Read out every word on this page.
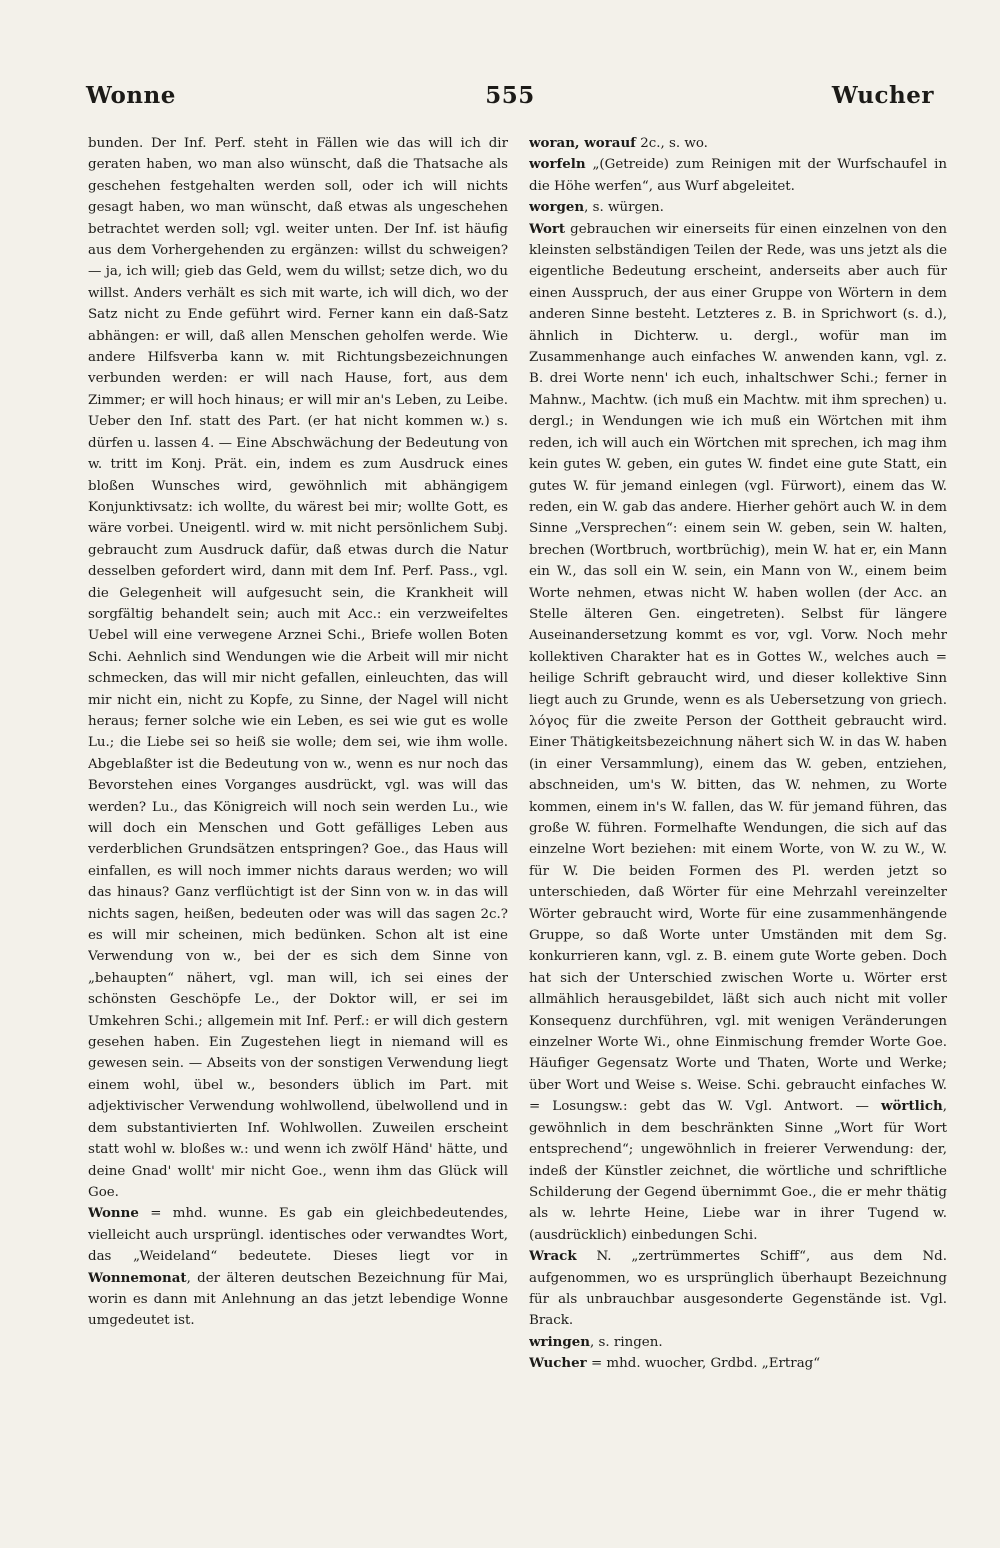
Wonne	555	Wucher

bunden. Der Inf. Perf. steht in Fällen wie das will ich dir geraten haben, wo man also wünscht, daß die Thatsache als geschehen festgehalten werden soll, oder ich will nichts gesagt haben, wo man wünscht, daß etwas als ungeschehen betrachtet werden soll; vgl. weiter unten. Der Inf. ist häufig aus dem Vorhergehenden zu ergänzen: willst du schweigen? — ja, ich will; gieb das Geld, wem du willst; setze dich, wo du willst. Anders verhält es sich mit warte, ich will dich, wo der Satz nicht zu Ende geführt wird. Ferner kann ein daß-Satz abhängen: er will, daß allen Menschen geholfen werde. Wie andere Hilfsverba kann w. mit Richtungsbezeichnungen verbunden werden: er will nach Hause, fort, aus dem Zimmer; er will hoch hinaus; er will mir an's Leben, zu Leibe. Ueber den Inf. statt des Part. (er hat nicht kommen w.) s. dürfen u. lassen 4. — Eine Abschwächung der Bedeutung von w. tritt im Konj. Prät. ein, indem es zum Ausdruck eines bloßen Wunsches wird, gewöhnlich mit abhängigem Konjunktivsatz: ich wollte, du wärest bei mir; wollte Gott, es wäre vorbei. Uneigentl. wird w. mit nicht persönlichem Subj. gebraucht zum Ausdruck dafür, daß etwas durch die Natur desselben gefordert wird, dann mit dem Inf. Perf. Pass., vgl. die Gelegenheit will aufgesucht sein, die Krankheit will sorgfältig behandelt sein; auch mit Acc.: ein verzweifeltes Uebel will eine verwegene Arznei Schi., Briefe wollen Boten Schi. Aehnlich sind Wendungen wie die Arbeit will mir nicht schmecken, das will mir nicht gefallen, einleuchten, das will mir nicht ein, nicht zu Kopfe, zu Sinne, der Nagel will nicht heraus; ferner solche wie ein Leben, es sei wie gut es wolle Lu.; die Liebe sei so heiß sie wolle; dem sei, wie ihm wolle. Abgeblaßter ist die Bedeutung von w., wenn es nur noch das Bevorstehen eines Vorganges ausdrückt, vgl. was will das werden? Lu., das Königreich will noch sein werden Lu., wie will doch ein Menschen und Gott gefälliges Leben aus verderblichen Grundsätzen entspringen? Goe., das Haus will einfallen, es will noch immer nichts daraus werden; wo will das hinaus? Ganz verflüchtigt ist der Sinn von w. in das will nichts sagen, heißen, bedeuten oder was will das sagen 2c.? es will mir scheinen, mich bedünken. Schon alt ist eine Verwendung von w., bei der es sich dem Sinne von „behaupten“ nähert, vgl. man will, ich sei eines der schönsten Geschöpfe Le., der Doktor will, er sei im Umkehren Schi.; allgemein mit Inf. Perf.: er will dich gestern gesehen haben. Ein Zugestehen liegt in niemand will es gewesen sein. — Abseits von der sonstigen Verwendung liegt einem wohl, übel w., besonders üblich im Part. mit adjektivischer Verwendung wohlwollend, übelwollend und in dem substantivierten Inf. Wohlwollen. Zuweilen erscheint statt wohl w. bloßes w.: und wenn ich zwölf Händ' hätte, und deine Gnad' wollt' mir nicht Goe., wenn ihm das Glück will Goe.

Wonne = mhd. wunne. Es gab ein gleichbedeutendes, vielleicht auch ursprüngl. identisches oder verwandtes Wort, das „Weideland“ bedeutete. Dieses liegt vor in Wonnemonat, der älteren deutschen Bezeichnung für Mai, worin es dann mit Anlehnung an das jetzt lebendige Wonne umgedeutet ist.

woran, worauf 2c., s. wo.

worfeln „(Getreide) zum Reinigen mit der Wurfschaufel in die Höhe werfen“, aus Wurf abgeleitet.

worgen, s. würgen.

Wort gebrauchen wir einerseits für einen einzelnen von den kleinsten selbständigen Teilen der Rede, was uns jetzt als die eigentliche Bedeutung erscheint, anderseits aber auch für einen Ausspruch, der aus einer Gruppe von Wörtern in dem anderen Sinne besteht. Letzteres z. B. in Sprichwort (s. d.), ähnlich in Dichterw. u. dergl., wofür man im Zusammenhange auch einfaches W. anwenden kann, vgl. z. B. drei Worte nenn' ich euch, inhaltschwer Schi.; ferner in Mahnw., Machtw. (ich muß ein Machtw. mit ihm sprechen) u. dergl.; in Wendungen wie ich muß ein Wörtchen mit ihm reden, ich will auch ein Wörtchen mit sprechen, ich mag ihm kein gutes W. geben, ein gutes W. findet eine gute Statt, ein gutes W. für jemand einlegen (vgl. Fürwort), einem das W. reden, ein W. gab das andere. Hierher gehört auch W. in dem Sinne „Versprechen“: einem sein W. geben, sein W. halten, brechen (Wortbruch, wortbrüchig), mein W. hat er, ein Mann ein W., das soll ein W. sein, ein Mann von W., einem beim Worte nehmen, etwas nicht W. haben wollen (der Acc. an Stelle älteren Gen. eingetreten). Selbst für längere Auseinandersetzung kommt es vor, vgl. Vorw. Noch mehr kollektiven Charakter hat es in Gottes W., welches auch = heilige Schrift gebraucht wird, und dieser kollektive Sinn liegt auch zu Grunde, wenn es als Uebersetzung von griech. λόγος für die zweite Person der Gottheit gebraucht wird. Einer Thätigkeitsbezeichnung nähert sich W. in das W. haben (in einer Versammlung), einem das W. geben, entziehen, abschneiden, um's W. bitten, das W. nehmen, zu Worte kommen, einem in's W. fallen, das W. für jemand führen, das große W. führen. Formelhafte Wendungen, die sich auf das einzelne Wort beziehen: mit einem Worte, von W. zu W., W. für W. Die beiden Formen des Pl. werden jetzt so unterschieden, daß Wörter für eine Mehrzahl vereinzelter Wörter gebraucht wird, Worte für eine zusammenhängende Gruppe, so daß Worte unter Umständen mit dem Sg. konkurrieren kann, vgl. z. B. einem gute Worte geben. Doch hat sich der Unterschied zwischen Worte u. Wörter erst allmählich herausgebildet, läßt sich auch nicht mit voller Konsequenz durchführen, vgl. mit wenigen Veränderungen einzelner Worte Wi., ohne Einmischung fremder Worte Goe. Häufiger Gegensatz Worte und Thaten, Worte und Werke; über Wort und Weise s. Weise. Schi. gebraucht einfaches W. = Losungsw.: gebt das W. Vgl. Antwort. — wörtlich, gewöhnlich in dem beschränkten Sinne „Wort für Wort entsprechend“; ungewöhnlich in freierer Verwendung: der, indeß der Künstler zeichnet, die wörtliche und schriftliche Schilderung der Gegend übernimmt Goe., die er mehr thätig als w. lehrte Heine, Liebe war in ihrer Tugend w. (ausdrücklich) einbedungen Schi.

Wrack N. „zertrümmertes Schiff“, aus dem Nd. aufgenommen, wo es ursprünglich überhaupt Bezeichnung für als unbrauchbar ausgesonderte Gegenstände ist. Vgl. Brack.

wringen, s. ringen.

Wucher = mhd. wuocher, Grdbd. „Ertrag“
